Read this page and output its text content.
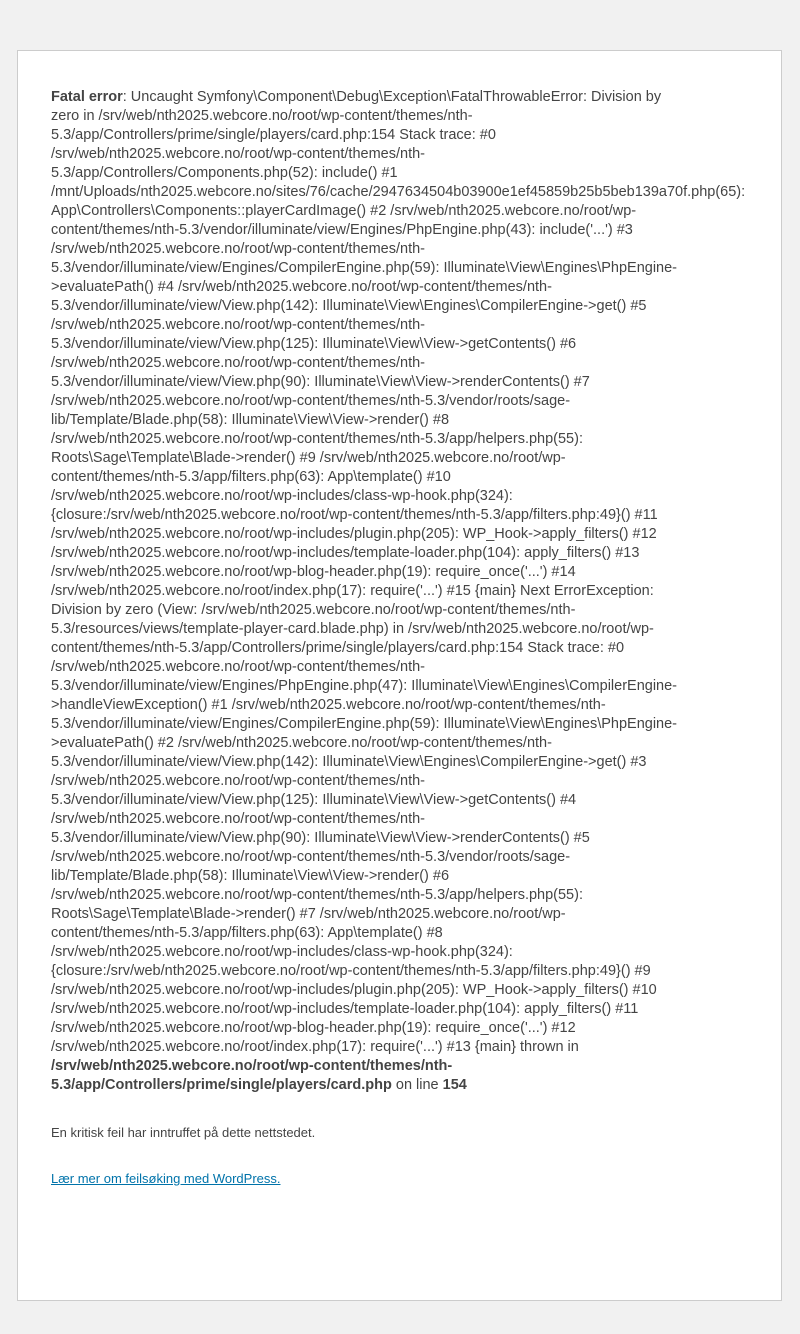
Fatal error: Uncaught Symfony\Component\Debug\Exception\FatalThrowableError: Division by
zero in /srv/web/nth2025.webcore.no/root/wp-content/themes/nth-
5.3/app/Controllers/prime/single/players/card.php:154 Stack trace: #0
/srv/web/nth2025.webcore.no/root/wp-content/themes/nth-
5.3/app/Controllers/Components.php(52): include() #1
/mnt/Uploads/nth2025.webcore.no/sites/76/cache/2947634504b03900e1ef45859b25b5beb139a70f.php(65):
App\Controllers\Components::playerCardImage() #2 /srv/web/nth2025.webcore.no/root/wp-
content/themes/nth-5.3/vendor/illuminate/view/Engines/PhpEngine.php(43): include('...') #3
/srv/web/nth2025.webcore.no/root/wp-content/themes/nth-
5.3/vendor/illuminate/view/Engines/CompilerEngine.php(59): Illuminate\View\Engines\PhpEngine-
>evaluatePath() #4 /srv/web/nth2025.webcore.no/root/wp-content/themes/nth-
5.3/vendor/illuminate/view/View.php(142): Illuminate\View\Engines\CompilerEngine->get() #5
/srv/web/nth2025.webcore.no/root/wp-content/themes/nth-
5.3/vendor/illuminate/view/View.php(125): Illuminate\View\View->getContents() #6
/srv/web/nth2025.webcore.no/root/wp-content/themes/nth-
5.3/vendor/illuminate/view/View.php(90): Illuminate\View\View->renderContents() #7
/srv/web/nth2025.webcore.no/root/wp-content/themes/nth-5.3/vendor/roots/sage-
lib/Template/Blade.php(58): Illuminate\View\View->render() #8
/srv/web/nth2025.webcore.no/root/wp-content/themes/nth-5.3/app/helpers.php(55):
Roots\Sage\Template\Blade->render() #9 /srv/web/nth2025.webcore.no/root/wp-
content/themes/nth-5.3/app/filters.php(63): App\template() #10
/srv/web/nth2025.webcore.no/root/wp-includes/class-wp-hook.php(324):
{closure:/srv/web/nth2025.webcore.no/root/wp-content/themes/nth-5.3/app/filters.php:49}() #11
/srv/web/nth2025.webcore.no/root/wp-includes/plugin.php(205): WP_Hook->apply_filters() #12
/srv/web/nth2025.webcore.no/root/wp-includes/template-loader.php(104): apply_filters() #13
/srv/web/nth2025.webcore.no/root/wp-blog-header.php(19): require_once('...') #14
/srv/web/nth2025.webcore.no/root/index.php(17): require('...') #15 {main} Next ErrorException:
Division by zero (View: /srv/web/nth2025.webcore.no/root/wp-content/themes/nth-
5.3/resources/views/template-player-card.blade.php) in /srv/web/nth2025.webcore.no/root/wp-
content/themes/nth-5.3/app/Controllers/prime/single/players/card.php:154 Stack trace: #0
/srv/web/nth2025.webcore.no/root/wp-content/themes/nth-
5.3/vendor/illuminate/view/Engines/PhpEngine.php(47): Illuminate\View\Engines\CompilerEngine-
>handleViewException() #1 /srv/web/nth2025.webcore.no/root/wp-content/themes/nth-
5.3/vendor/illuminate/view/Engines/CompilerEngine.php(59): Illuminate\View\Engines\PhpEngine-
>evaluatePath() #2 /srv/web/nth2025.webcore.no/root/wp-content/themes/nth-
5.3/vendor/illuminate/view/View.php(142): Illuminate\View\Engines\CompilerEngine->get() #3
/srv/web/nth2025.webcore.no/root/wp-content/themes/nth-
5.3/vendor/illuminate/view/View.php(125): Illuminate\View\View->getContents() #4
/srv/web/nth2025.webcore.no/root/wp-content/themes/nth-
5.3/vendor/illuminate/view/View.php(90): Illuminate\View\View->renderContents() #5
/srv/web/nth2025.webcore.no/root/wp-content/themes/nth-5.3/vendor/roots/sage-
lib/Template/Blade.php(58): Illuminate\View\View->render() #6
/srv/web/nth2025.webcore.no/root/wp-content/themes/nth-5.3/app/helpers.php(55):
Roots\Sage\Template\Blade->render() #7 /srv/web/nth2025.webcore.no/root/wp-
content/themes/nth-5.3/app/filters.php(63): App\template() #8
/srv/web/nth2025.webcore.no/root/wp-includes/class-wp-hook.php(324):
{closure:/srv/web/nth2025.webcore.no/root/wp-content/themes/nth-5.3/app/filters.php:49}() #9
/srv/web/nth2025.webcore.no/root/wp-includes/plugin.php(205): WP_Hook->apply_filters() #10
/srv/web/nth2025.webcore.no/root/wp-includes/template-loader.php(104): apply_filters() #11
/srv/web/nth2025.webcore.no/root/wp-blog-header.php(19): require_once('...') #12
/srv/web/nth2025.webcore.no/root/index.php(17): require('...') #13 {main} thrown in
/srv/web/nth2025.webcore.no/root/wp-content/themes/nth-
5.3/app/Controllers/prime/single/players/card.php on line 154

En kritisk feil har inntruffet på dette nettstedet.

Lær mer om feilsøking med WordPress.
